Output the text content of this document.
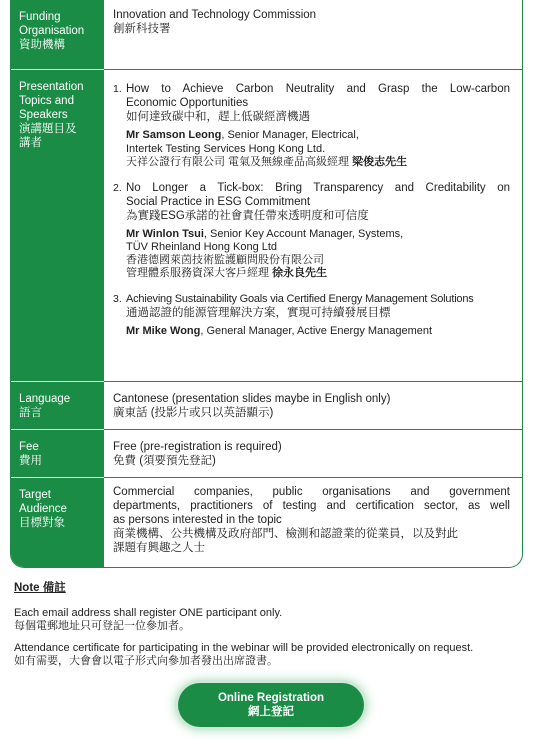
Funding
Organisation
資助機構
Innovation and Technology Commission
創新科技署
Presentation
Topics and
Speakers
演講題目及
講者
1. How to Achieve Carbon Neutrality and Grasp the Low-carbon
Economic Opportunities
如何達致碳中和，趕上低碳經濟機遇
Mr Samson Leong, Senior Manager, Electrical,
Intertek Testing Services Hong Kong Ltd.
天祥公證行有限公司 電氣及無線產品高級經理 梁俊志先生
2. No Longer a Tick-box: Bring Transparency and Creditability on
Social Practice in ESG Commitment
為實踐ESG承諾的社會責任帶來透明度和可信度
Mr Winlon Tsui, Senior Key Account Manager, Systems,
TÜV Rheinland Hong Kong Ltd
香港德國萊茵技術監護顧問股份有限公司
管理體系服務資深大客戶經理 徐永良先生
3. Achieving Sustainability Goals via Certified Energy Management Solutions
通過認證的能源管理解決方案，實現可持續發展目標
Mr Mike Wong, General Manager, Active Energy Management
Language
語言
Cantonese (presentation slides maybe in English only)
廣東話 (投影片或只以英語顯示)
Fee
費用
Free (pre-registration is required)
免費 (須要預先登記)
Target
Audience
目標對象
Commercial companies, public organisations and government
departments, practitioners of testing and certification sector, as well
as persons interested in the topic
商業機構、公共機構及政府部門、檢測和認證業的從業員，以及對此
課題有興趣之人士
Note 備註
Each email address shall register ONE participant only.
每個電郵地址只可登記一位參加者。
Attendance certificate for participating in the webinar will be provided electronically on request.
如有需要，大會會以電子形式向參加者發出出席證書。
Online Registration
網上登記
